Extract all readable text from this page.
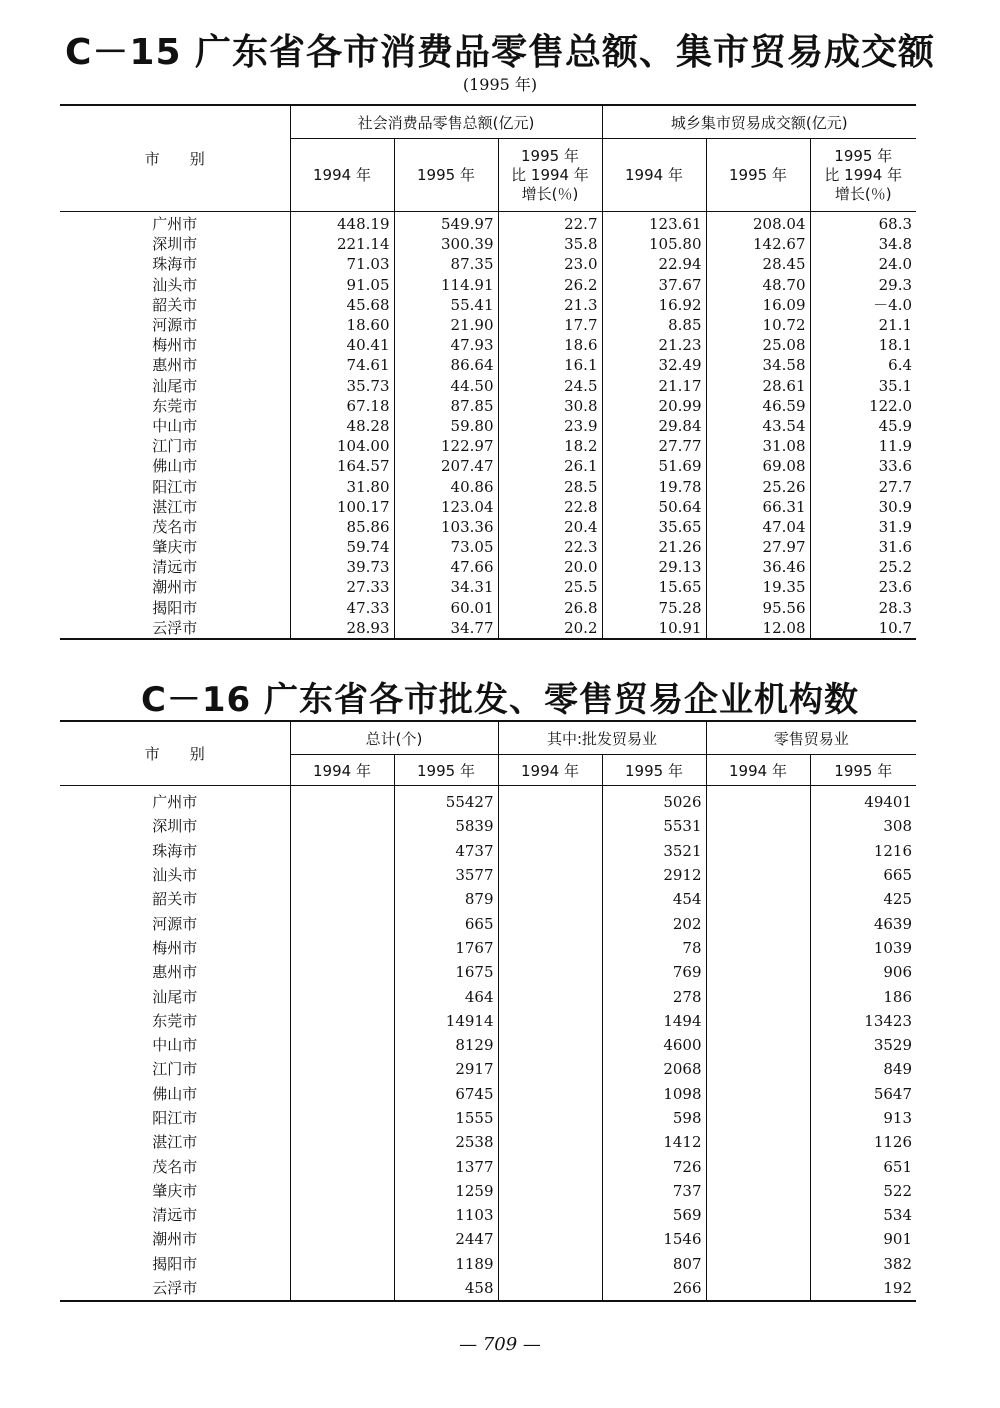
C－15 广东省各市消费品零售总额、集市贸易成交额
(1995 年)
市　　别	社会消费品零售总额(亿元)			城乡集市贸易成交额(亿元)		
	1994 年	1995 年	1995 年
比 1994 年
增长(％)	1994 年	1995 年	1995 年
比 1994 年
增长(％)
广州市	448.19	549.97	22.7	123.61	208.04	68.3
深圳市	221.14	300.39	35.8	105.80	142.67	34.8
珠海市	71.03	87.35	23.0	22.94	28.45	24.0
汕头市	91.05	114.91	26.2	37.67	48.70	29.3
韶关市	45.68	55.41	21.3	16.92	16.09	－4.0
河源市	18.60	21.90	17.7	8.85	10.72	21.1
梅州市	40.41	47.93	18.6	21.23	25.08	18.1
惠州市	74.61	86.64	16.1	32.49	34.58	6.4
汕尾市	35.73	44.50	24.5	21.17	28.61	35.1
东莞市	67.18	87.85	30.8	20.99	46.59	122.0
中山市	48.28	59.80	23.9	29.84	43.54	45.9
江门市	104.00	122.97	18.2	27.77	31.08	11.9
佛山市	164.57	207.47	26.1	51.69	69.08	33.6
阳江市	31.80	40.86	28.5	19.78	25.26	27.7
湛江市	100.17	123.04	22.8	50.64	66.31	30.9
茂名市	85.86	103.36	20.4	35.65	47.04	31.9
肇庆市	59.74	73.05	22.3	21.26	27.97	31.6
清远市	39.73	47.66	20.0	29.13	36.46	25.2
潮州市	27.33	34.31	25.5	15.65	19.35	23.6
揭阳市	47.33	60.01	26.8	75.28	95.56	28.3
云浮市	28.93	34.77	20.2	10.91	12.08	10.7
C－16 广东省各市批发、零售贸易企业机构数
市　　别	总计(个)		其中:批发贸易业		零售贸易业	
	1994 年	1995 年	1994 年	1995 年	1994 年	1995 年
广州市		55427		5026		49401
深圳市		5839		5531		308
珠海市		4737		3521		1216
汕头市		3577		2912		665
韶关市		879		454		425
河源市		665		202		4639
梅州市		1767		78		1039
惠州市		1675		769		906
汕尾市		464		278		186
东莞市		14914		1494		13423
中山市		8129		4600		3529
江门市		2917		2068		849
佛山市		6745		1098		5647
阳江市		1555		598		913
湛江市		2538		1412		1126
茂名市		1377		726		651
肇庆市		1259		737		522
清远市		1103		569		534
潮州市		2447		1546		901
揭阳市		1189		807		382
云浮市		458		266		192
— 709 —
